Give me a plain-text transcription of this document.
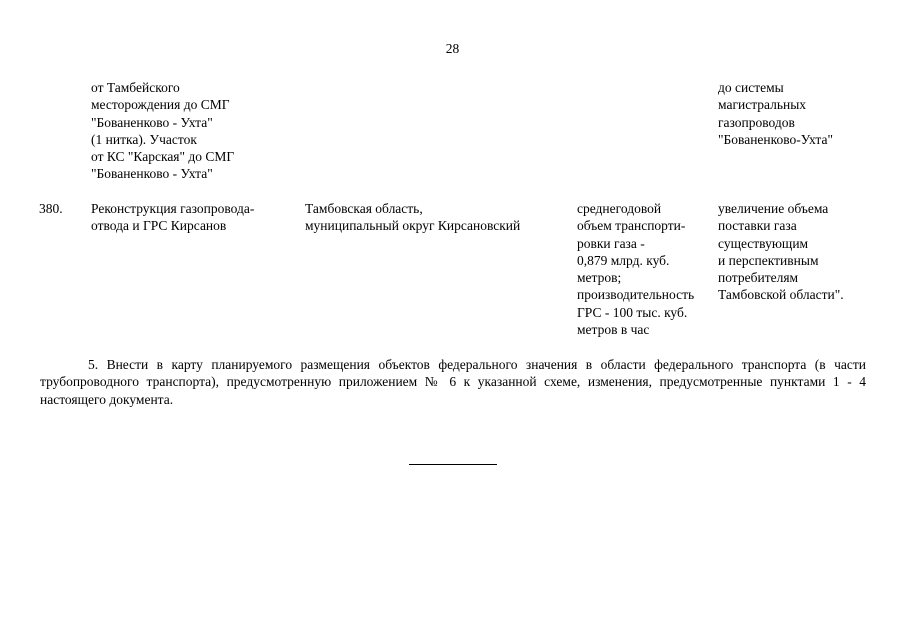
28
от Тамбейского
месторождения до СМГ
"Бованенково - Ухта"
(1 нитка). Участок
от КС "Карская" до СМГ
"Бованенково - Ухта"
до системы
магистральных
газопроводов
"Бованенково-Ухта"
380.	Реконструкция газопровода-
отвода и ГРС Кирсанов
Тамбовская область,
муниципальный округ Кирсановский
среднегодовой
объем транспорти-
ровки газа -
0,879 млрд. куб.
метров;
производительность
ГРС - 100 тыс. куб.
метров в час
увеличение объема
поставки газа
существующим
и перспективным
потребителям
Тамбовской области".
5. Внести в карту планируемого размещения объектов федерального значения в области федерального транспорта (в части трубопроводного транспорта), предусмотренную приложением № 6 к указанной схеме, изменения, предусмотренные пунктами 1 - 4 настоящего документа.
